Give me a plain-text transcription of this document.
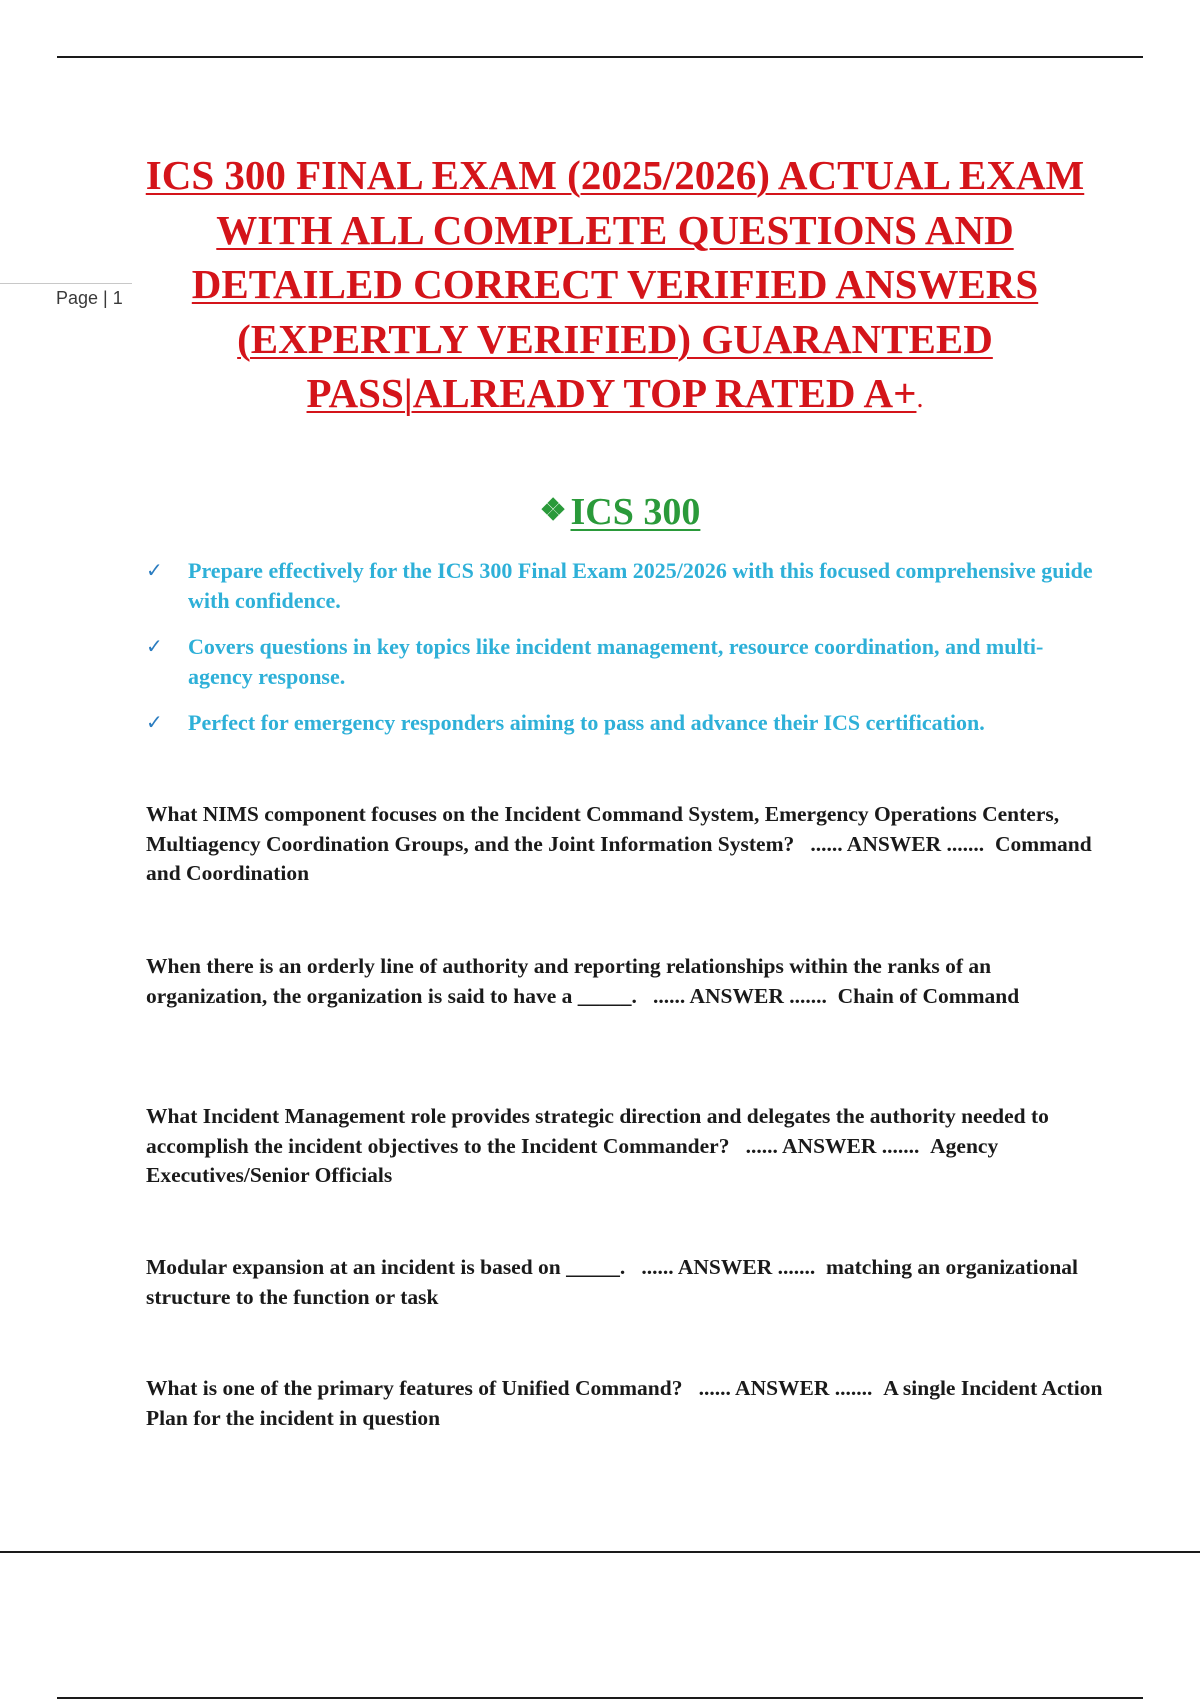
Page | 1
ICS 300 FINAL EXAM (2025/2026) ACTUAL EXAM WITH ALL COMPLETE QUESTIONS AND DETAILED CORRECT VERIFIED ANSWERS (EXPERTLY VERIFIED) GUARANTEED PASS|ALREADY TOP RATED A+.
❖ ICS 300
✓ Prepare effectively for the ICS 300 Final Exam 2025/2026 with this focused comprehensive guide with confidence.
✓ Covers questions in key topics like incident management, resource coordination, and multi-agency response.
✓ Perfect for emergency responders aiming to pass and advance their ICS certification.

What NIMS component focuses on the Incident Command System, Emergency Operations Centers, Multiagency Coordination Groups, and the Joint Information System? ...... ANSWER ....... Command and Coordination

When there is an orderly line of authority and reporting relationships within the ranks of an organization, the organization is said to have a _____. ...... ANSWER ....... Chain of Command

What Incident Management role provides strategic direction and delegates the authority needed to accomplish the incident objectives to the Incident Commander? ...... ANSWER ....... Agency Executives/Senior Officials

Modular expansion at an incident is based on _____. ...... ANSWER ....... matching an organizational structure to the function or task

What is one of the primary features of Unified Command? ...... ANSWER ....... A single Incident Action Plan for the incident in question
